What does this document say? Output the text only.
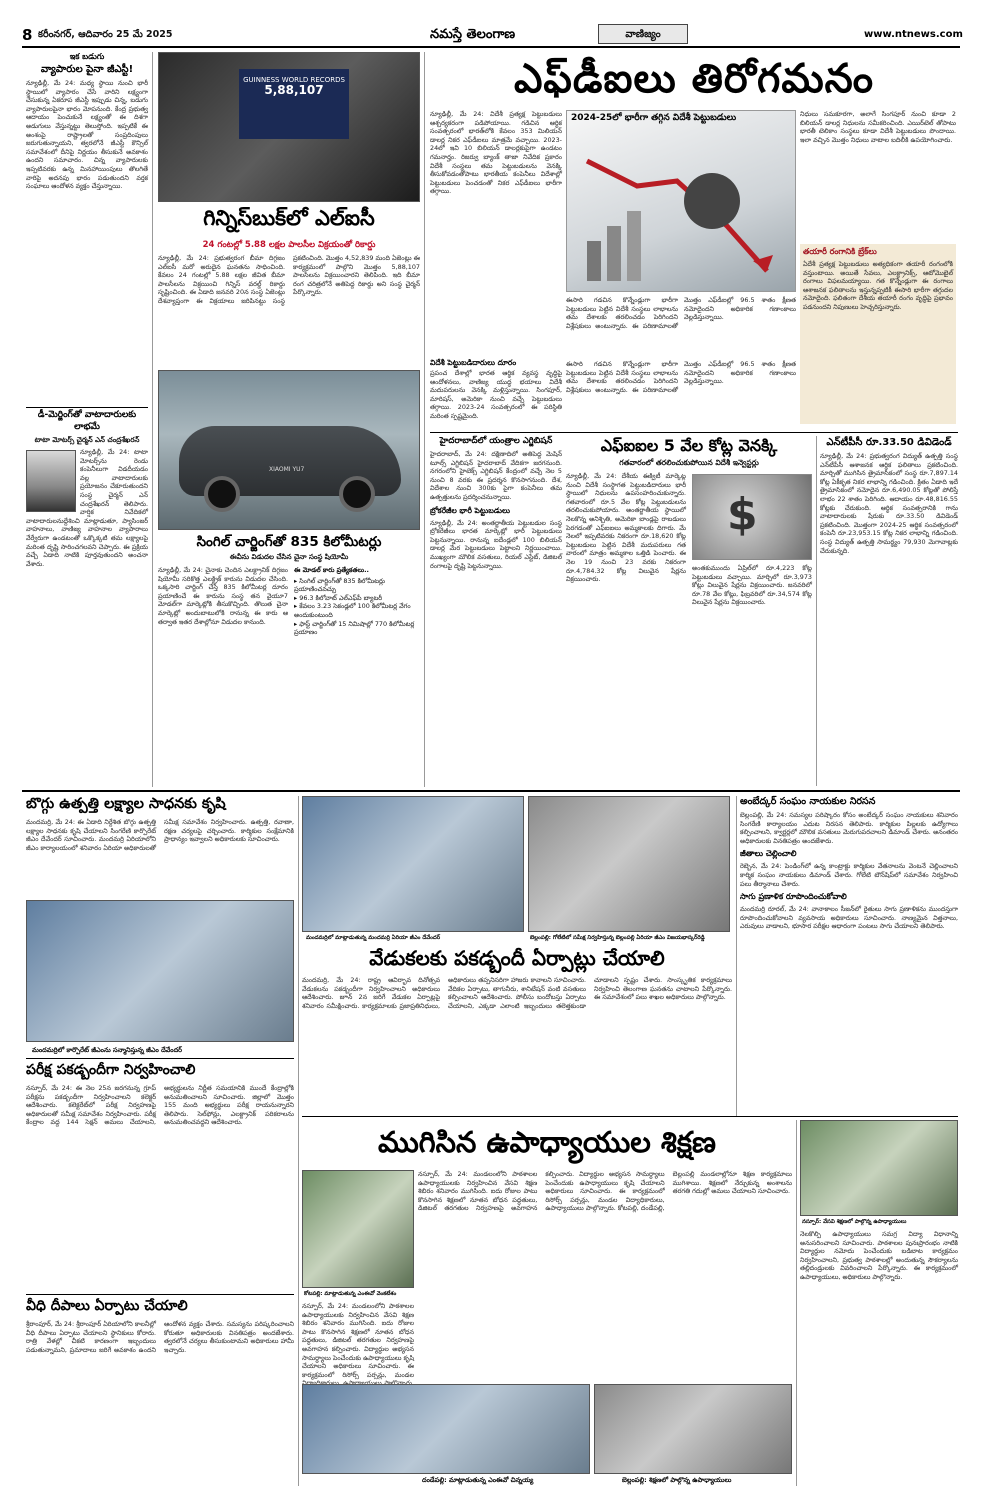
8 కరీంనగర్, ఆదివారం 25 మే 2025	నమస్తే తెలంగాణ	వాణిజ్యం	www.ntnews.com
ఇక బడుగు
వ్యాపారుల పైనా జీఎస్టీ!
న్యూఢిల్లీ, మే 24: మధ్య స్థాయి నుంచి భారీ స్థాయిలో వ్యాపారం చేసే వారిని లక్ష్యంగా చేసుకున్న ఏకరూప జీఎస్టీ ఇప్పుడు చిన్న, బడుగు వ్యాపారులపైనా భారం మోపనుంది. కేంద్ర ప్రభుత్వ ఆదాయం పెంచుకునే లక్ష్యంతో ఈ దిశగా అడుగులు వేస్తున్నట్టు తెలుస్తోంది. ఇప్పటికే ఈ అంశంపై రాష్ట్రాలతో సంప్రదింపులు జరుగుతున్నాయని, త్వరలోనే జీఎస్టీ కౌన్సిల్ సమావేశంలో దీనిపై నిర్ణయం తీసుకునే అవకాశం ఉందని సమాచారం. చిన్న వ్యాపారులకు ఇప్పటివరకు ఉన్న మినహాయింపులు తొలగితే వారిపై అదనపు భారం పడుతుందని వర్తక సంఘాలు ఆందోళన వ్యక్తం చేస్తున్నాయి.
డీ-మెర్జింగ్‌తో వాటాదారులకు లాభమే
టాటా మోటర్స్ చైర్మన్ ఎన్ చంద్రశేఖరన్
న్యూఢిల్లీ, మే 24: టాటా మోటర్స్‌ను రెండు కంపెనీలుగా విడదీయడం వల్ల వాటాదారులకు ప్రయోజనం చేకూరుతుందని సంస్థ చైర్మన్ ఎన్ చంద్రశేఖరన్ తెలిపారు. వార్షిక నివేదికలో వాటాదారులనుద్దేశించి మాట్లాడుతూ, ప్యాసింజర్ వాహనాలు, వాణిజ్య వాహనాల వ్యాపారాలు వేర్వేరుగా ఉండటంతో ఒక్కొక్కటి తమ లక్ష్యాలపై మరింత దృష్టి సారించగలవని చెప్పారు. ఈ ప్రక్రియ వచ్చే ఏడాది నాటికి పూర్తవుతుందని అంచనా వేశారు.
GUINNESS WORLD RECORDS
5,88,107
గిన్నిస్‌బుక్‌లో ఎల్ఐసీ
24 గంటల్లో 5.88 లక్షల పాలసీల విక్రయంతో రికార్డు
న్యూఢిల్లీ, మే 24: ప్రభుత్వరంగ బీమా దిగ్గజం ఎల్ఐసీ మరో అరుదైన ఘనతను సాధించింది. కేవలం 24 గంటల్లో 5.88 లక్షల జీవిత బీమా పాలసీలను విక్రయించి గిన్నిస్ వరల్డ్ రికార్డు సృష్టించింది. ఈ ఏడాది జనవరి 20న సంస్థ ఏజెంట్లు దేశవ్యాప్తంగా ఈ విక్రయాలు జరిపినట్టు సంస్థ ప్రకటించింది. మొత్తం 4,52,839 మంది ఏజెంట్లు ఈ కార్యక్రమంలో పాల్గొని మొత్తం 5,88,107 పాలసీలను విక్రయించారని తెలిపింది. ఇది బీమా రంగ చరిత్రలోనే అతిపెద్ద రికార్డు అని సంస్థ చైర్మన్ పేర్కొన్నారు.
XIAOMI YU7
సింగిల్ చార్జింగ్‌తో 835 కిలోమీటర్లు
ఈవీను విడుదల చేసిన చైనా సంస్థ షియోమీ
న్యూఢిల్లీ, మే 24: చైనాకు చెందిన ఎలక్ట్రానిక్ దిగ్గజం షియోమీ సరికొత్త ఎలక్ట్రిక్ కారును విడుదల చేసింది. ఒక్కసారి చార్జింగ్ చేస్తే 835 కిలోమీటర్ల దూరం ప్రయాణించే ఈ కారును సంస్థ తన వైయూ7 మోడల్‌గా మార్కెట్లోకి తీసుకొచ్చింది. తొలుత చైనా మార్కెట్లో అందుబాటులోకి రానున్న ఈ కారు ఆ తర్వాత ఇతర దేశాల్లోనూ విడుదల కానుంది.
ఈ మోడల్ కారు ప్రత్యేకతలు..
▸ సింగిల్ చార్జింగ్‌తో 835 కిలోమీటర్లు ప్రయాణించవచ్చు
▸ 96.3 కిలోవాట్ ఎల్‌ఎఫ్‌పీ బ్యాటరీ
▸ కేవలం 3.23 సెకండ్లలో 100 కిలోమీటర్ల వేగం అందుకుంటుంది
▸ ఫాస్ట్ చార్జింగ్‌తో 15 నిమిషాల్లో 770 కిలోమీటర్ల ప్రయాణం
ఎఫ్‌డీఐలు తిరోగమనం
న్యూఢిల్లీ, మే 24: విదేశీ ప్రత్యక్ష పెట్టుబడులు ఆశ్చర్యకరంగా పడిపోయాయి. గడిచిన ఆర్థిక సంవత్సరంలో భారత్‌లోకి కేవలం 353 మిలియన్ డాలర్ల నికర ఎఫ్‌డీఐలు మాత్రమే వచ్చాయి. 2023-24లో ఇవి 10 బిలియన్ డాలర్లకుపైగా ఉండటం గమనార్హం. రిజర్వు బ్యాంక్ తాజా నివేదిక ప్రకారం విదేశీ సంస్థలు తమ పెట్టుబడులను వెనక్కి తీసుకోవడంతోపాటు భారతీయ కంపెనీలు విదేశాల్లో పెట్టుబడులు పెంచడంతో నికర ఎఫ్‌డీఐలు భారీగా తగ్గాయి.
2024-25లో భారీగా తగ్గిన విదేశీ పెట్టుబడులు	నిధులు సమకూరగా, అలాగే సింగపూర్ నుంచి కూడా 2 బిలియన్ డాలర్ల నిధులను సమీకరించింది. ఎయిర్‌టెల్ తోపాటు భారతీ టెలికాం సంస్థలు కూడా విదేశీ పెట్టుబడులు పొందాయి. ఇలా వచ్చిన మొత్తం నిధులు వాటాల బదిలీకి ఉపయోగించారు.
తయారీ రంగానికి బ్రేక్‌లు
ఏదేశీ ప్రత్యక్ష పెట్టుబడులు అత్యధికంగా తయారీ రంగంలోకి వస్తుంటాయి. అయితే సేవలు, ఎలక్ట్రానిక్స్, ఆటోమొబైల్ రంగాలు విఫలమయ్యాయి. గత కొన్నేండ్లుగా ఈ రంగాలు ఆశాజనక ఫలితాలను ఇస్తున్నప్పటికీ ఈసారి భారీగా తగ్గుదల నమోదైంది. ఫలితంగా దేశీయ తయారీ రంగం వృద్ధిపై ప్రభావం పడనుందని నిపుణులు హెచ్చరిస్తున్నారు.
ఈసారి గడచిన కొన్నేండ్లుగా భారీగా పెట్టుబడులు పెట్టిన విదేశీ సంస్థలు లాభాలను తమ దేశాలకు తరలించడం పెరిగిందని విశ్లేషకులు అంటున్నారు. ఈ పరిణామాలతో మొత్తం ఎఫ్‌డీఐల్లో 96.5 శాతం క్షీణత నమోదైందని అధికారిక గణాంకాలు వెల్లడిస్తున్నాయి.
విదేశీ పెట్టుబడిదారులు దూరం
ప్రపంచ దేశాల్లో భారత ఆర్థిక వ్యవస్థ వృద్ధిపై ఆందోళనలు, వాణిజ్య యుద్ధ భయాలు విదేశీ మదుపరులను వెనక్కి మళ్లిస్తున్నాయి. సింగపూర్, మారిషస్, అమెరికా నుంచి వచ్చే పెట్టుబడులు తగ్గాయి. 2023-24 సంవత్సరంలో ఈ పరిస్థితి మరింత స్పష్టమైంది.
ఈసారి గడచిన కొన్నేండ్లుగా భారీగా పెట్టుబడులు పెట్టిన విదేశీ సంస్థలు లాభాలను తమ దేశాలకు తరలించడం పెరిగిందని విశ్లేషకులు అంటున్నారు. ఈ పరిణామాలతో మొత్తం ఎఫ్‌డీఐల్లో 96.5 శాతం క్షీణత నమోదైందని అధికారిక గణాంకాలు వెల్లడిస్తున్నాయి.
హైదరాబాద్‌లో యంత్రాల ఎగ్జిబిషన్
హైదరాబాద్, మే 24: దక్షిణాదిలో అతిపెద్ద మెషిన్ టూల్స్ ఎగ్జిబిషన్ హైదరాబాద్ వేదికగా జరగనుంది. నగరంలోని హైటెక్స్ ఎగ్జిబిషన్ కేంద్రంలో వచ్చే నెల 5 నుంచి 8 వరకు ఈ ప్రదర్శన కొనసాగనుంది. దేశ, విదేశాల నుంచి 300కు పైగా కంపెనీలు తమ ఉత్పత్తులను ప్రదర్శించనున్నాయి.
బ్రోకరేజీల భారీ పెట్టుబడులు
న్యూఢిల్లీ, మే 24: అంతర్జాతీయ పెట్టుబడుల సంస్థ బ్రోకరేజీలు భారత మార్కెట్లో భారీ పెట్టుబడులు పెట్టనున్నాయి. రానున్న ఐదేండ్లలో 100 బిలియన్ డాలర్ల మేర పెట్టుబడులు పెట్టాలని నిర్ణయించాయి. ముఖ్యంగా మౌలిక వసతులు, రియల్ ఎస్టేట్, డిజిటల్ రంగాలపై దృష్టి పెట్టనున్నాయి.
ఎఫ్‌ఐఐల 5 వేల కోట్ల వెనక్కి
గతవారంలో తరలించుకుపోయిన విదేశీ ఇన్వెస్టర్లు
న్యూఢిల్లీ, మే 24: దేశీయ ఈక్విటీ మార్కెట్ల నుంచి విదేశీ సంస్థాగత పెట్టుబడిదారులు భారీ స్థాయిలో నిధులను ఉపసంహరించుకున్నారు. గతవారంలో రూ.5 వేల కోట్ల పెట్టుబడులను తరలించుకుపోయారు. అంతర్జాతీయ స్థాయిలో నెలకొన్న అనిశ్చితి, అమెరికా బాండ్లపై రాబడులు పెరగడంతో ఎఫ్‌ఐఐలు అమ్మకాలకు దిగారు. మే నెలలో ఇప్పటివరకు నికరంగా రూ.18,620 కోట్ల పెట్టుబడులు పెట్టిన విదేశీ మదుపరులు గత వారంలో మాత్రం అమ్మకాల ఒత్తిడి పెంచారు. ఈ నెల 19 నుంచి 23 వరకు నికరంగా రూ.4,784.32 కోట్ల విలువైన షేర్లను విక్రయించారు.
$
అంతకుముందు ఏప్రిల్‌లో రూ.4,223 కోట్ల పెట్టుబడులు వచ్చాయి. మార్చిలో రూ.3,973 కోట్లు విలువైన షేర్లను విక్రయించారు. జనవరిలో రూ.78 వేల కోట్లు, ఫిబ్రవరిలో రూ.34,574 కోట్ల విలువైన షేర్లను విక్రయించారు.
ఎన్‌టీపీసీ రూ.33.50 డివిడెండ్
న్యూఢిల్లీ, మే 24: ప్రభుత్వరంగ విద్యుత్ ఉత్పత్తి సంస్థ ఎన్‌టీపీసీ ఆశాజనక ఆర్థిక ఫలితాలు ప్రకటించింది. మార్చితో ముగిసిన త్రైమాసికంలో సంస్థ రూ.7,897.14 కోట్ల ఏకీకృత నికర లాభాన్ని గడించింది. క్రితం ఏడాది ఇదే త్రైమాసికంలో నమోదైన రూ.6,490.05 కోట్లతో పోలిస్తే లాభం 22 శాతం పెరిగింది. ఆదాయం రూ.48,816.55 కోట్లకు చేరుకుంది. ఆర్థిక సంవత్సరానికి గాను వాటాదారులకు షేరుకు రూ.33.50 డివిడెండ్ ప్రకటించింది. మొత్తంగా 2024-25 ఆర్థిక సంవత్సరంలో కంపెనీ రూ.23,953.15 కోట్ల నికర లాభాన్ని గడించింది. సంస్థ విద్యుత్ ఉత్పత్తి సామర్థ్యం 79,930 మెగావాట్లకు చేరుకున్నది.
బొగ్గు ఉత్పత్తి లక్ష్యాల సాధనకు కృషి
మందమర్రి, మే 24: ఈ ఏడాది నిర్దేశిత బొగ్గు ఉత్పత్తి లక్ష్యాల సాధనకు కృషి చేయాలని సింగరేణి కార్పొరేట్ జీఎం దేవేందర్ సూచించారు. మందమర్రి ఏరియాలోని జీఎం కార్యాలయంలో శనివారం ఏరియా అధికారులతో సమీక్ష సమావేశం నిర్వహించారు. ఉత్పత్తి, రవాణా, రక్షణ చర్యలపై చర్చించారు. కార్మికుల సంక్షేమానికి ప్రాధాన్యం ఇవ్వాలని అధికారులకు సూచించారు.
మందమర్రిలో కార్పొరేట్ జీఎంను సన్మానిస్తున్న జీఎం దేవేందర్
పరీక్ష పకడ్బందీగా నిర్వహించాలి
నస్పూర్, మే 24: ఈ నెల 25న జరగనున్న గ్రూప్ పరీక్షను పకడ్బందీగా నిర్వహించాలని కలెక్టర్ ఆదేశించారు. కలెక్టరేట్‌లో పరీక్ష నిర్వహణపై అధికారులతో సమీక్ష సమావేశం నిర్వహించారు. పరీక్ష కేంద్రాల వద్ద 144 సెక్షన్ అమలు చేయాలని, అభ్యర్థులను నిర్ణీత సమయానికి ముందే కేంద్రాల్లోకి అనుమతించాలని సూచించారు. జిల్లాలో మొత్తం 155 మంది అభ్యర్థులు పరీక్ష రాయనున్నారని తెలిపారు. సెల్‌ఫోన్లు, ఎలక్ట్రానిక్ పరికరాలను అనుమతించవద్దని ఆదేశించారు.
వీధి దీపాలు ఏర్పాటు చేయాలి
శ్రీరాంపూర్, మే 24: శ్రీరాంపూర్ ఏరియాలోని కాలనీల్లో వీధి దీపాలు ఏర్పాటు చేయాలని స్థానికులు కోరారు. రాత్రి వేళల్లో చీకటి కారణంగా ఇబ్బందులు పడుతున్నామని, ప్రమాదాలు జరిగే అవకాశం ఉందని ఆందోళన వ్యక్తం చేశారు. సమస్యను పరిష్కరించాలని కోరుతూ అధికారులకు వినతిపత్రం అందజేశారు. త్వరలోనే చర్యలు తీసుకుంటామని అధికారులు హామీ ఇచ్చారు.
మందమర్రిలో మాట్లాడుతున్న మందమర్రి ఏరియా జీఎం దేవేందర్	బెల్లంపల్లి: గోలేటిలో సమీక్ష నిర్వహిస్తున్న బెల్లంపల్లి ఏరియా జీఎం విజయభాస్కర్‌రెడ్డి
వేడుకలకు పకడ్బందీ ఏర్పాట్లు చేయాలి
మందమర్రి, మే 24: రాష్ట్ర ఆవిర్భావ దినోత్సవ వేడుకలను పకడ్బందీగా నిర్వహించాలని అధికారులు ఆదేశించారు. జూన్ 2న జరిగే వేడుకల ఏర్పాట్లపై శనివారం సమీక్షించారు. కార్యక్రమాలకు ప్రజాప్రతినిధులు, అధికారులు తప్పనిసరిగా హాజరు కావాలని సూచించారు. వేదికల ఏర్పాటు, తాగునీరు, శానిటేషన్ వంటి వసతులు కల్పించాలని ఆదేశించారు. పోలీసు బందోబస్తు ఏర్పాటు చేయాలని, ఎక్కడా ఎలాంటి ఇబ్బందులు తలెత్తకుండా చూడాలని స్పష్టం చేశారు. సాంస్కృతిక కార్యక్రమాలు నిర్వహించి తెలంగాణ ఘనతను చాటాలని పేర్కొన్నారు. ఈ సమావేశంలో పలు శాఖల అధికారులు పాల్గొన్నారు.
అంబేద్కర్ సంఘం నాయకుల నిరసన
బెల్లంపల్లి, మే 24: సమస్యల పరిష్కారం కోసం అంబేద్కర్ సంఘం నాయకులు శనివారం సింగరేణి కార్యాలయం ఎదుట నిరసన తెలిపారు. కార్మికుల పిల్లలకు ఉద్యోగాలు కల్పించాలని, క్వార్టర్లలో మౌలిక వసతులు మెరుగుపరచాలని డిమాండ్ చేశారు. అనంతరం అధికారులకు వినతిపత్రం అందజేశారు.
జీతాలు చెల్లించాలి
రెబ్బెన, మే 24: పెండింగ్‌లో ఉన్న కాంట్రాక్టు కార్మికుల వేతనాలను వెంటనే చెల్లించాలని కార్మిక సంఘం నాయకులు డిమాండ్ చేశారు. గోలేటి టౌన్‌షిప్‌లో సమావేశం నిర్వహించి పలు తీర్మానాలు చేశారు.
సాగు ప్రణాళిక రూపొందించుకోవాలి
మందమర్రి రూరల్, మే 24: వానాకాలం సీజన్‌లో రైతులు సాగు ప్రణాళికను ముందస్తుగా రూపొందించుకోవాలని వ్యవసాయ అధికారులు సూచించారు. నాణ్యమైన విత్తనాలు, ఎరువులు వాడాలని, భూసార పరీక్షల ఆధారంగా పంటలు సాగు చేయాలని తెలిపారు.
ముగిసిన ఉపాధ్యాయుల శిక్షణ
కోటపల్లి: మాట్లాడుతున్న ఎంఈవో వెంకటేశం
నస్పూర్, మే 24: మండలంలోని పాఠశాలల ఉపాధ్యాయులకు నిర్వహించిన వేసవి శిక్షణ శిబిరం శనివారం ముగిసింది. ఐదు రోజుల పాటు కొనసాగిన శిక్షణలో నూతన బోధన పద్ధతులు, డిజిటల్ తరగతుల నిర్వహణపై అవగాహన కల్పించారు. విద్యార్థుల అభ్యసన సామర్థ్యాలు పెంచేందుకు ఉపాధ్యాయులు కృషి చేయాలని అధికారులు సూచించారు. ఈ కార్యక్రమంలో రిసోర్స్ పర్సన్లు, మండల విద్యాధికారులు, ఉపాధ్యాయులు పాల్గొన్నారు. కోటపల్లి, దండేపల్లి, బెల్లంపల్లి మండలాల్లోనూ శిక్షణ కార్యక్రమాలు ముగిశాయి. శిక్షణలో నేర్చుకున్న అంశాలను తరగతి గదుల్లో అమలు చేయాలని సూచించారు.
నస్పూర్, మే 24: మండలంలోని పాఠశాలల ఉపాధ్యాయులకు నిర్వహించిన వేసవి శిక్షణ శిబిరం శనివారం ముగిసింది. ఐదు రోజుల పాటు కొనసాగిన శిక్షణలో నూతన బోధన పద్ధతులు, డిజిటల్ తరగతుల నిర్వహణపై అవగాహన కల్పించారు. విద్యార్థుల అభ్యసన సామర్థ్యాలు పెంచేందుకు ఉపాధ్యాయులు కృషి చేయాలని అధికారులు సూచించారు. ఈ కార్యక్రమంలో రిసోర్స్ పర్సన్లు, మండల
దండేపల్లి: మాట్లాడుతున్న ఎంఈవో చిన్నయ్య	బెల్లంపల్లి: శిక్షణలో పాల్గొన్న ఉపాధ్యాయులు
నస్పూర్: వేసవి శిక్షణలో పాల్గొన్న ఉపాధ్యాయులు
నెలకొల్పి ఉపాధ్యాయులు సమగ్ర విద్యా విధానాన్ని అనుసరించాలని సూచించారు. పాఠశాలల పునఃప్రారంభం నాటికి విద్యార్థుల నమోదు పెంచేందుకు బడిబాట కార్యక్రమం నిర్వహించాలని, ప్రభుత్వ పాఠశాలల్లో అందుతున్న సౌకర్యాలను తల్లిదండ్రులకు వివరించాలని పేర్కొన్నారు. ఈ కార్యక్రమంలో ఉపాధ్యాయులు, అధికారులు పాల్గొన్నారు.
